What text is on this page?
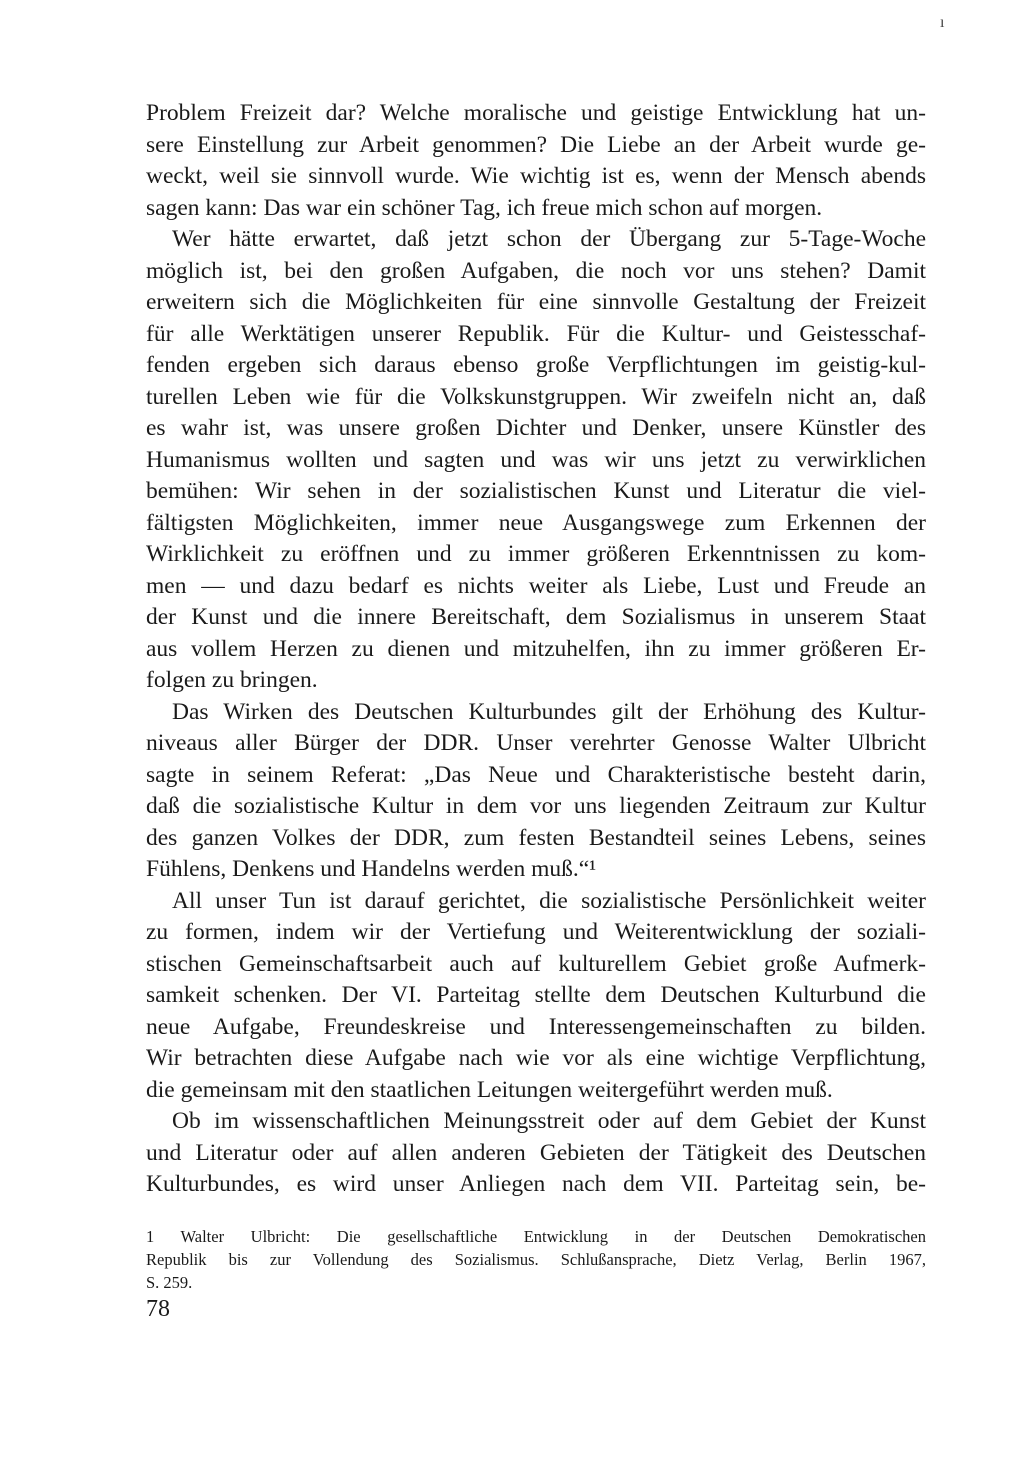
ı
Problem Freizeit dar? Welche moralische und geistige Entwicklung hat un-
sere Einstellung zur Arbeit genommen? Die Liebe an der Arbeit wurde ge-
weckt, weil sie sinnvoll wurde. Wie wichtig ist es, wenn der Mensch abends
sagen kann: Das war ein schöner Tag, ich freue mich schon auf morgen.
Wer hätte erwartet, daß jetzt schon der Übergang zur 5-Tage-Woche
möglich ist, bei den großen Aufgaben, die noch vor uns stehen? Damit
erweitern sich die Möglichkeiten für eine sinnvolle Gestaltung der Freizeit
für alle Werktätigen unserer Republik. Für die Kultur- und Geistesschaf-
fenden ergeben sich daraus ebenso große Verpflichtungen im geistig-kul-
turellen Leben wie für die Volkskunstgruppen. Wir zweifeln nicht an, daß
es wahr ist, was unsere großen Dichter und Denker, unsere Künstler des
Humanismus wollten und sagten und was wir uns jetzt zu verwirklichen
bemühen: Wir sehen in der sozialistischen Kunst und Literatur die viel-
fältigsten Möglichkeiten, immer neue Ausgangswege zum Erkennen der
Wirklichkeit zu eröffnen und zu immer größeren Erkenntnissen zu kom-
men — und dazu bedarf es nichts weiter als Liebe, Lust und Freude an
der Kunst und die innere Bereitschaft, dem Sozialismus in unserem Staat
aus vollem Herzen zu dienen und mitzuhelfen, ihn zu immer größeren Er-
folgen zu bringen.
Das Wirken des Deutschen Kulturbundes gilt der Erhöhung des Kultur-
niveaus aller Bürger der DDR. Unser verehrter Genosse Walter Ulbricht
sagte in seinem Referat: „Das Neue und Charakteristische besteht darin,
daß die sozialistische Kultur in dem vor uns liegenden Zeitraum zur Kultur
des ganzen Volkes der DDR, zum festen Bestandteil seines Lebens, seines
Fühlens, Denkens und Handelns werden muß.“¹
All unser Tun ist darauf gerichtet, die sozialistische Persönlichkeit weiter
zu formen, indem wir der Vertiefung und Weiterentwicklung der soziali-
stischen Gemeinschaftsarbeit auch auf kulturellem Gebiet große Aufmerk-
samkeit schenken. Der VI. Parteitag stellte dem Deutschen Kulturbund die
neue Aufgabe, Freundeskreise und Interessengemeinschaften zu bilden.
Wir betrachten diese Aufgabe nach wie vor als eine wichtige Verpflichtung,
die gemeinsam mit den staatlichen Leitungen weitergeführt werden muß.
Ob im wissenschaftlichen Meinungsstreit oder auf dem Gebiet der Kunst
und Literatur oder auf allen anderen Gebieten der Tätigkeit des Deutschen
Kulturbundes, es wird unser Anliegen nach dem VII. Parteitag sein, be-
1 Walter Ulbricht: Die gesellschaftliche Entwicklung in der Deutschen Demokratischen
Republik bis zur Vollendung des Sozialismus. Schlußansprache, Dietz Verlag, Berlin 1967,
S. 259.
78
